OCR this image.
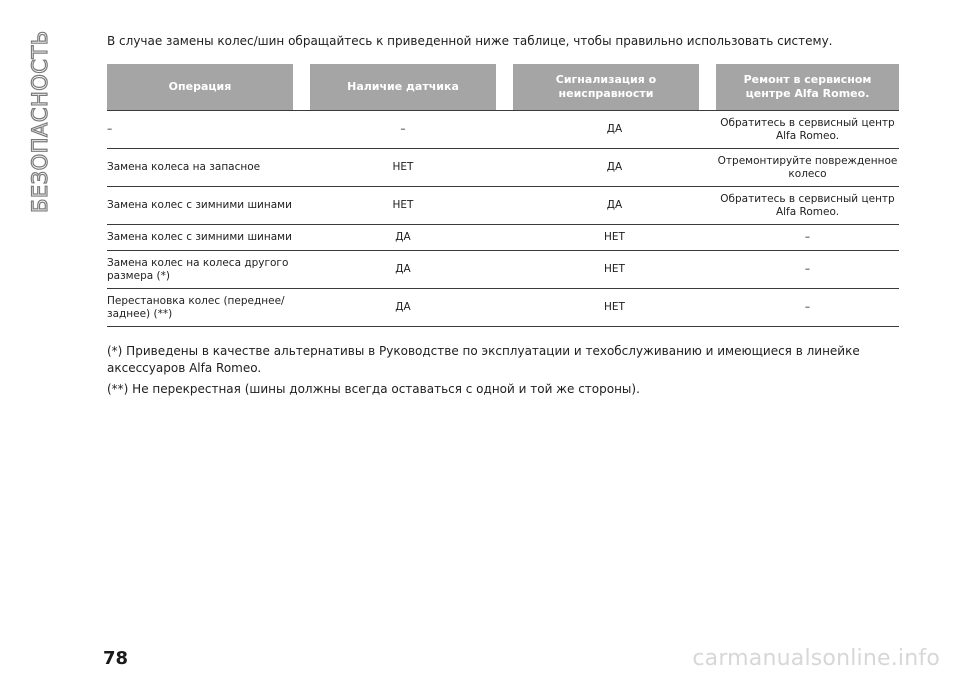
БЕЗОПАСНОСТЬ	В случае замены колес/шин обращайтесь к приведенной ниже таблице, чтобы правильно использовать систему.
Операция		Наличие датчика		Сигнализация о неисправности		Ремонт в сервисном центре Alfa Romeo.
–	–			ДА		Обратитесь в сервисный центр Alfa Romeo.
Замена колеса на запасное	НЕТ			ДА		Отремонтируйте поврежденное колесо
Замена колес с зимними шинами	НЕТ			ДА		Обратитесь в сервисный центр Alfa Romeo.
Замена колес с зимними шинами	ДА			НЕТ		–
Замена колес на колеса другого размера (*)	ДА			НЕТ		–
Перестановка колес (переднее/заднее) (**)	ДА			НЕТ		–

(*) Приведены в качестве альтернативы в Руководстве по эксплуатации и техобслуживанию и имеющиеся в линейке аксессуаров Alfa Romeo.

(**) Не перекрестная (шины должны всегда оставаться с одной и той же стороны).

78	carmanualsonline.info
